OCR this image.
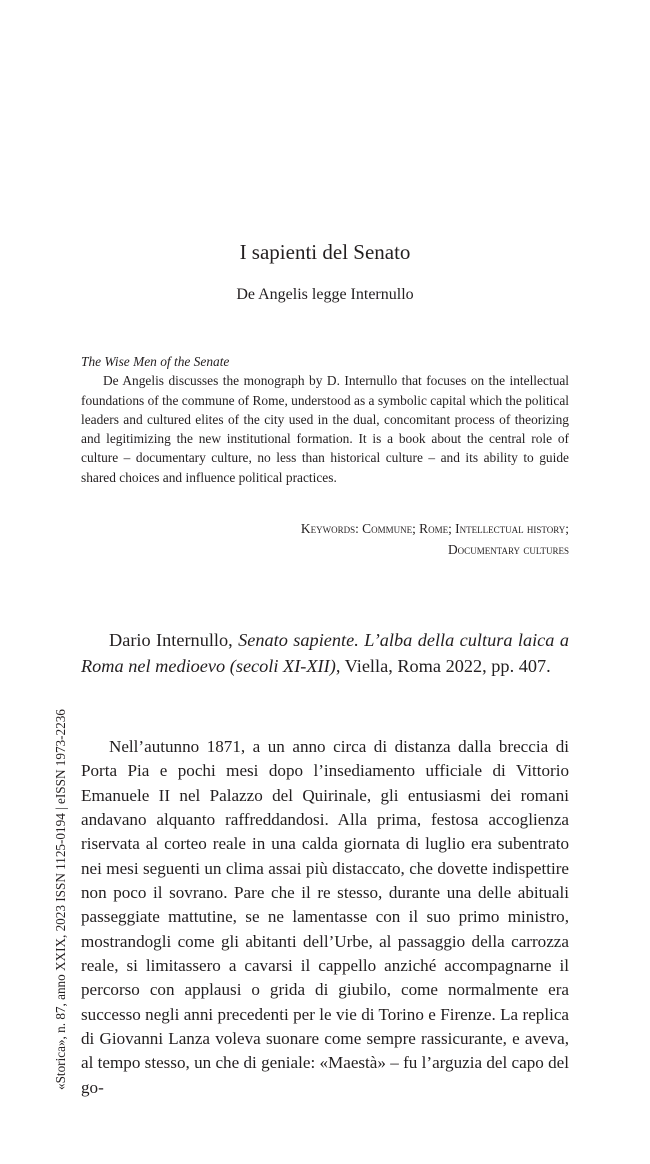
I sapienti del Senato
De Angelis legge Internullo

The Wise Men of the Senate

De Angelis discusses the monograph by D. Internullo that focuses on the intellectual foundations of the commune of Rome, understood as a symbolic capital which the political leaders and cultured elites of the city used in the dual, concomitant process of theorizing and legitimizing the new institutional formation. It is a book about the central role of culture – documentary culture, no less than historical culture – and its ability to guide shared choices and influence political practices.

Keywords: Commune; Rome; Intellectual history;
Documentary cultures

Dario Internullo, Senato sapiente. L’alba della cultura laica a Roma nel medioevo (secoli XI-XII), Viella, Roma 2022, pp. 407.

Nell’autunno 1871, a un anno circa di distanza dalla breccia di Porta Pia e pochi mesi dopo l’insediamento ufficiale di Vittorio Emanuele II nel Palazzo del Quirinale, gli entusiasmi dei romani andavano alquanto raffreddandosi. Alla prima, festosa accoglienza riservata al corteo reale in una calda giornata di luglio era subentrato nei mesi seguenti un clima assai più distaccato, che dovette indispettire non poco il sovrano. Pare che il re stesso, durante una delle abituali passeggiate mattutine, se ne lamentasse con il suo primo ministro, mostrandogli come gli abitanti dell’Urbe, al passaggio della carrozza reale, si limitassero a cavarsi il cappello anziché accompagnarne il percorso con applausi o grida di giubilo, come normalmente era successo negli anni precedenti per le vie di Torino e Firenze. La replica di Giovanni Lanza voleva suonare come sempre rassicurante, e aveva, al tempo stesso, un che di geniale: «Maestà» – fu l’arguzia del capo del go-

«Storica», n. 87, anno XXIX, 2023 ISSN 1125-0194 | eISSN 1973-2236
